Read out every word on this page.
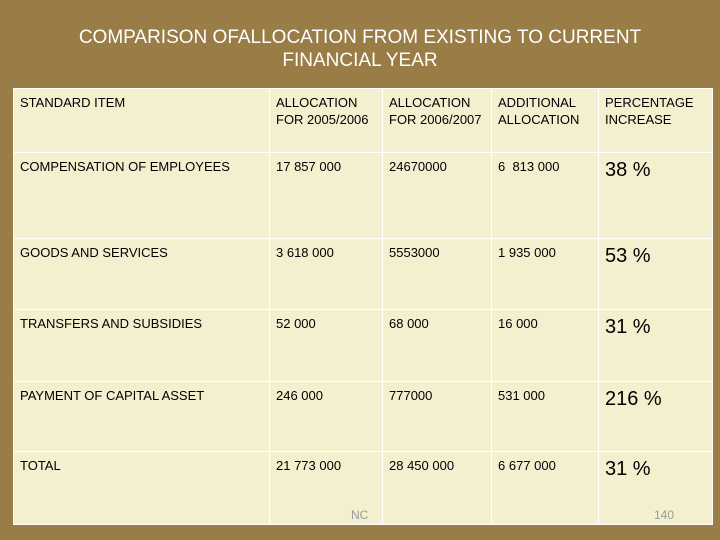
COMPARISON OFALLOCATION FROM EXISTING TO CURRENT
FINANCIAL YEAR
STANDARD ITEM	ALLOCATION FOR 2005/2006	ALLOCATION FOR 2006/2007	ADDITIONAL ALLOCATION	PERCENTAGE INCREASE
COMPENSATION OF EMPLOYEES	17 857 000	24670000	6  813 000	38 %
GOODS AND SERVICES	3 618 000	5553000	1 935 000	53 %
TRANSFERS AND SUBSIDIES	52 000	68 000	16 000	31 %
PAYMENT OF CAPITAL ASSET	246 000	777000	531 000	216 %
TOTAL	21 773 000	28 450 000	6 677 000	31 %
NC	140
